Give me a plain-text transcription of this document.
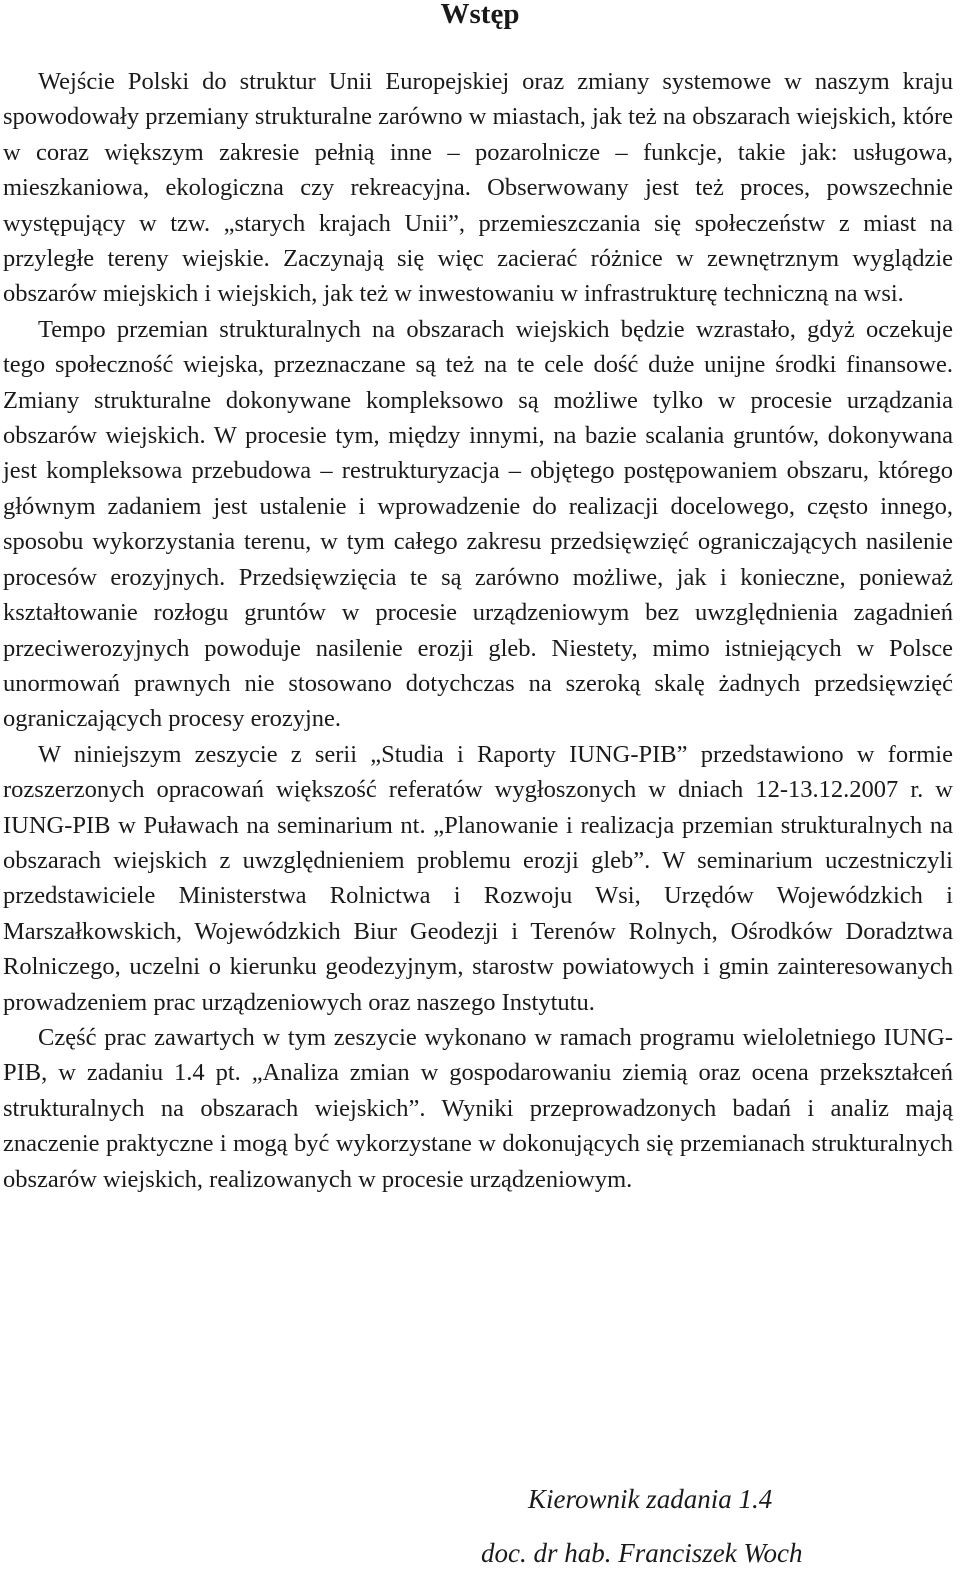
Wstęp

Wejście Polski do struktur Unii Europejskiej oraz zmiany systemowe w naszym kraju spowodowały przemiany strukturalne zarówno w miastach, jak też na obszarach wiejskich, które w coraz większym zakresie pełnią inne – pozarolnicze – funkcje, takie jak: usługowa, mieszkaniowa, ekologiczna czy rekreacyjna. Obserwowany jest też proces, powszechnie występujący w tzw. „starych krajach Unii”, przemieszczania się społeczeństw z miast na przyległe tereny wiejskie. Zaczynają się więc zacierać różnice w zewnętrznym wyglądzie obszarów miejskich i wiejskich, jak też w inwestowaniu w infrastrukturę techniczną na wsi.

Tempo przemian strukturalnych na obszarach wiejskich będzie wzrastało, gdyż oczekuje tego społeczność wiejska, przeznaczane są też na te cele dość duże unijne środki finansowe. Zmiany strukturalne dokonywane kompleksowo są możliwe tylko w procesie urządzania obszarów wiejskich. W procesie tym, między innymi, na bazie scalania gruntów, dokonywana jest kompleksowa przebudowa – restrukturyzacja – objętego postępowaniem obszaru, którego głównym zadaniem jest ustalenie i wprowadzenie do realizacji docelowego, często innego, sposobu wykorzystania terenu, w tym całego zakresu przedsięwzięć ograniczających nasilenie procesów erozyjnych. Przedsięwzięcia te są zarówno możliwe, jak i konieczne, ponieważ kształtowanie rozłogu gruntów w procesie urządzeniowym bez uwzględnienia zagadnień przeciwerozyjnych powoduje nasilenie erozji gleb. Niestety, mimo istniejących w Polsce unormowań prawnych nie stosowano dotychczas na szeroką skalę żadnych przedsięwzięć ograniczających procesy erozyjne.

W niniejszym zeszycie z serii „Studia i Raporty IUNG-PIB” przedstawiono w formie rozszerzonych opracowań większość referatów wygłoszonych w dniach 12-13.12.2007 r. w IUNG-PIB w Puławach na seminarium nt. „Planowanie i realizacja przemian strukturalnych na obszarach wiejskich z uwzględnieniem problemu erozji gleb”. W seminarium uczestniczyli przedstawiciele Ministerstwa Rolnictwa i Rozwoju Wsi, Urzędów Wojewódzkich i Marszałkowskich, Wojewódzkich Biur Geodezji i Terenów Rolnych, Ośrodków Doradztwa Rolniczego, uczelni o kierunku geodezyjnym, starostw powiatowych i gmin zainteresowanych prowadzeniem prac urządzeniowych oraz naszego Instytutu.

Część prac zawartych w tym zeszycie wykonano w ramach programu wieloletniego IUNG-PIB, w zadaniu 1.4 pt. „Analiza zmian w gospodarowaniu ziemią oraz ocena przekształceń strukturalnych na obszarach wiejskich”. Wyniki przeprowadzonych badań i analiz mają znaczenie praktyczne i mogą być wykorzystane w dokonujących się przemianach strukturalnych obszarów wiejskich, realizowanych w procesie urządzeniowym.

Kierownik zadania 1.4
doc. dr hab. Franciszek Woch
